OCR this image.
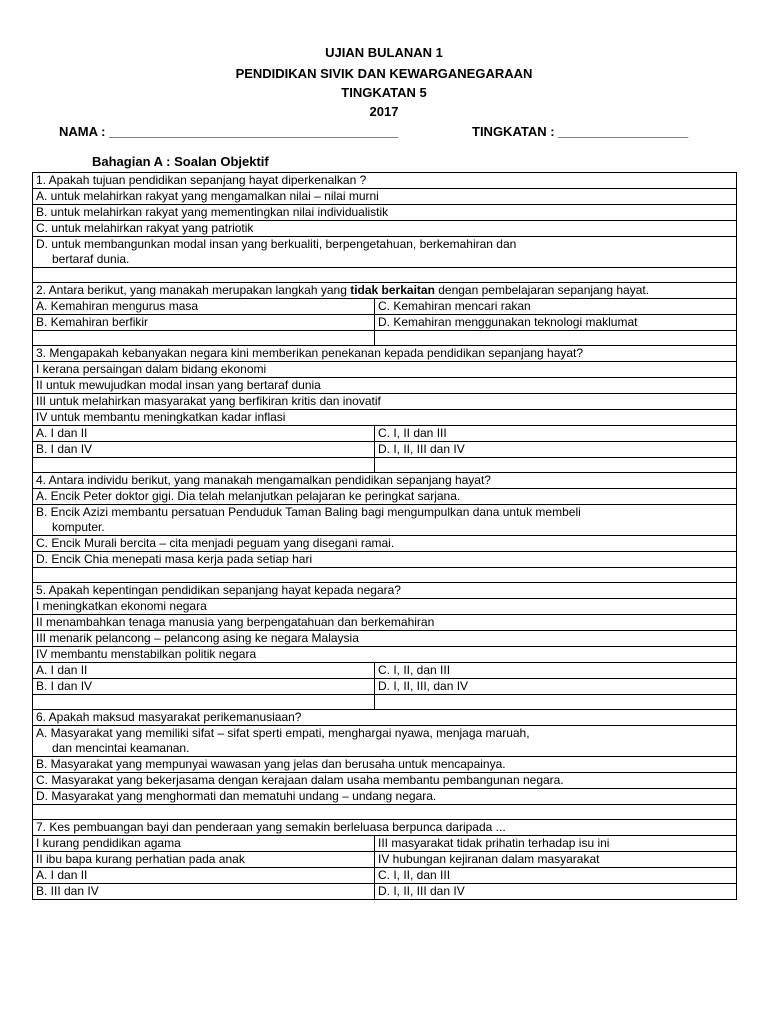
UJIAN BULANAN 1
PENDIDIKAN SIVIK DAN KEWARGANEGARAAN
TINGKATAN 5
2017
NAMA : ________________________________________	TINGKATAN : __________________
Bahagian A : Soalan Objektif
1. Apakah tujuan pendidikan sepanjang hayat diperkenalkan ?	
A. untuk melahirkan rakyat yang mengamalkan nilai – nilai murni	
B. untuk melahirkan rakyat yang mementingkan nilai individualistik	
C. untuk melahirkan rakyat yang patriotik	
D. untuk membangunkan modal insan yang berkualiti, berpengetahuan, berkemahiran dan
bertaraf dunia.	

2. Antara berikut, yang manakah merupakan langkah yang tidak berkaitan dengan pembelajaran sepanjang hayat.	
A. Kemahiran mengurus masa	C. Kemahiran mencari rakan
B. Kemahiran berfikir	D. Kemahiran menggunakan teknologi maklumat

3. Mengapakah kebanyakan negara kini memberikan penekanan kepada pendidikan sepanjang hayat?	
I kerana persaingan dalam bidang ekonomi	
II untuk mewujudkan modal insan yang bertaraf dunia	
III untuk melahirkan masyarakat yang berfikiran kritis dan inovatif	
IV untuk membantu meningkatkan kadar inflasi	
A. I dan II	C. I, II dan III
B. I dan IV	D. I, II, III dan IV

4. Antara individu berikut, yang manakah mengamalkan pendidikan sepanjang hayat?	
A. Encik Peter doktor gigi. Dia telah melanjutkan pelajaran ke peringkat sarjana.	
B. Encik Azizi membantu persatuan Penduduk Taman Baling bagi mengumpulkan dana untuk membeli
komputer.	

C. Encik Murali bercita – cita menjadi peguam yang disegani ramai.	
D. Encik Chia menepati masa kerja pada setiap hari	

5. Apakah kepentingan pendidikan sepanjang hayat kepada negara?	
I meningkatkan ekonomi negara	
II menambahkan tenaga manusia yang berpengatahuan dan berkemahiran	
III menarik pelancong – pelancong asing ke negara Malaysia	
IV membantu menstabilkan politik negara	
A. I dan II	C. I, II, dan III
B. I dan IV	D. I, II, III, dan IV

6. Apakah maksud masyarakat perikemanusiaan?	
A. Masyarakat yang memiliki sifat – sifat sperti empati, menghargai nyawa, menjaga maruah,
dan mencintai keamanan.	

B. Masyarakat yang mempunyai wawasan yang jelas dan berusaha untuk mencapainya.	
C. Masyarakat yang bekerjasama dengan kerajaan dalam usaha membantu pembangunan negara.	
D. Masyarakat yang menghormati dan mematuhi undang – undang negara.	

7. Kes pembuangan bayi dan penderaan yang semakin berleluasa berpunca daripada ...	
I kurang pendidikan agama	III masyarakat tidak prihatin terhadap isu ini
II ibu bapa kurang perhatian pada anak	IV hubungan kejiranan dalam masyarakat
A. I dan II	C. I, II, dan III
B. III dan IV	D. I, II, III dan IV
